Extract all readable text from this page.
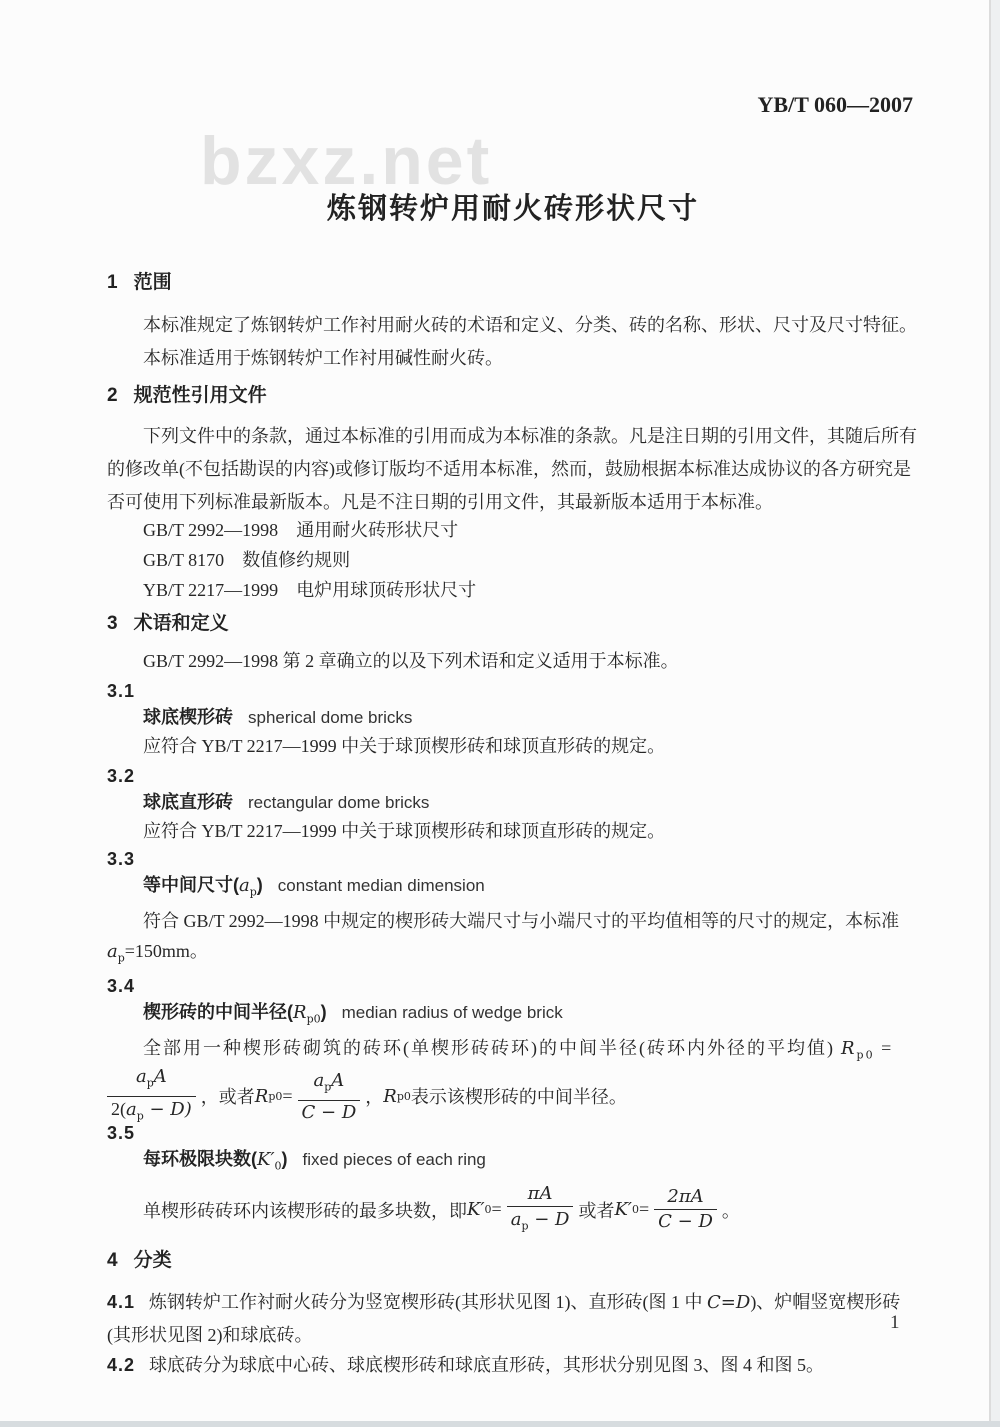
bzxz.net
YB/T 060—2007
炼钢转炉用耐火砖形状尺寸
1 范围
本标准规定了炼钢转炉工作衬用耐火砖的术语和定义、分类、砖的名称、形状、尺寸及尺寸特征。
本标准适用于炼钢转炉工作衬用碱性耐火砖。
2 规范性引用文件
下列文件中的条款，通过本标准的引用而成为本标准的条款。凡是注日期的引用文件，其随后所有
的修改单(不包括勘误的内容)或修订版均不适用本标准，然而，鼓励根据本标准达成协议的各方研究是
否可使用下列标准最新版本。凡是不注日期的引用文件，其最新版本适用于本标准。
GB/T 2992—1998 通用耐火砖形状尺寸
GB/T 8170 数值修约规则
YB/T 2217—1999 电炉用球顶砖形状尺寸
3 术语和定义
GB/T 2992—1998 第 2 章确立的以及下列术语和定义适用于本标准。
3.1
球底楔形砖 spherical dome bricks
应符合 YB/T 2217—1999 中关于球顶楔形砖和球顶直形砖的规定。
3.2
球底直形砖 rectangular dome bricks
应符合 YB/T 2217—1999 中关于球顶楔形砖和球顶直形砖的规定。
3.3
等中间尺寸$(a_p)$ constant median dimension
符合 GB/T 2992—1998 中规定的楔形砖大端尺寸与小端尺寸的平均值相等的尺寸的规定，本标准
$a_p=150mm$。
3.4
楔形砖的中间半径$(R_{p0})$ median radius of wedge brick
全部用一种楔形砖砌筑的砖环(单楔形砖砖环)的中间半径(砖环内外径的平均值) $R_{p0}$ =
$\frac{a_pA}{2(a_p - D)}$ ，或者 R $p0 = \frac{a_pA}{C - D}$ ， R p0 表示该楔形砖的中间半径。
3.5
每环极限块数$(K'_0)$ fixed pieces of each ring
单楔形砖砖环内该楔形砖的最多块数，即 K′ $0 = \frac{\pi A}{a_p - D}$ 或者 K′ $0 = \frac{2\pi A}{C - D}$ 。
4 分类
4.1 炼钢转炉工作衬耐火砖分为竖宽楔形砖(其形状见图 1)、直形砖(图 1 中 C=D)、炉帽竖宽楔形砖
(其形状见图 2)和球底砖。
4.2 球底砖分为球底中心砖、球底楔形砖和球底直形砖，其形状分别见图 3、图 4 和图 5。
1
